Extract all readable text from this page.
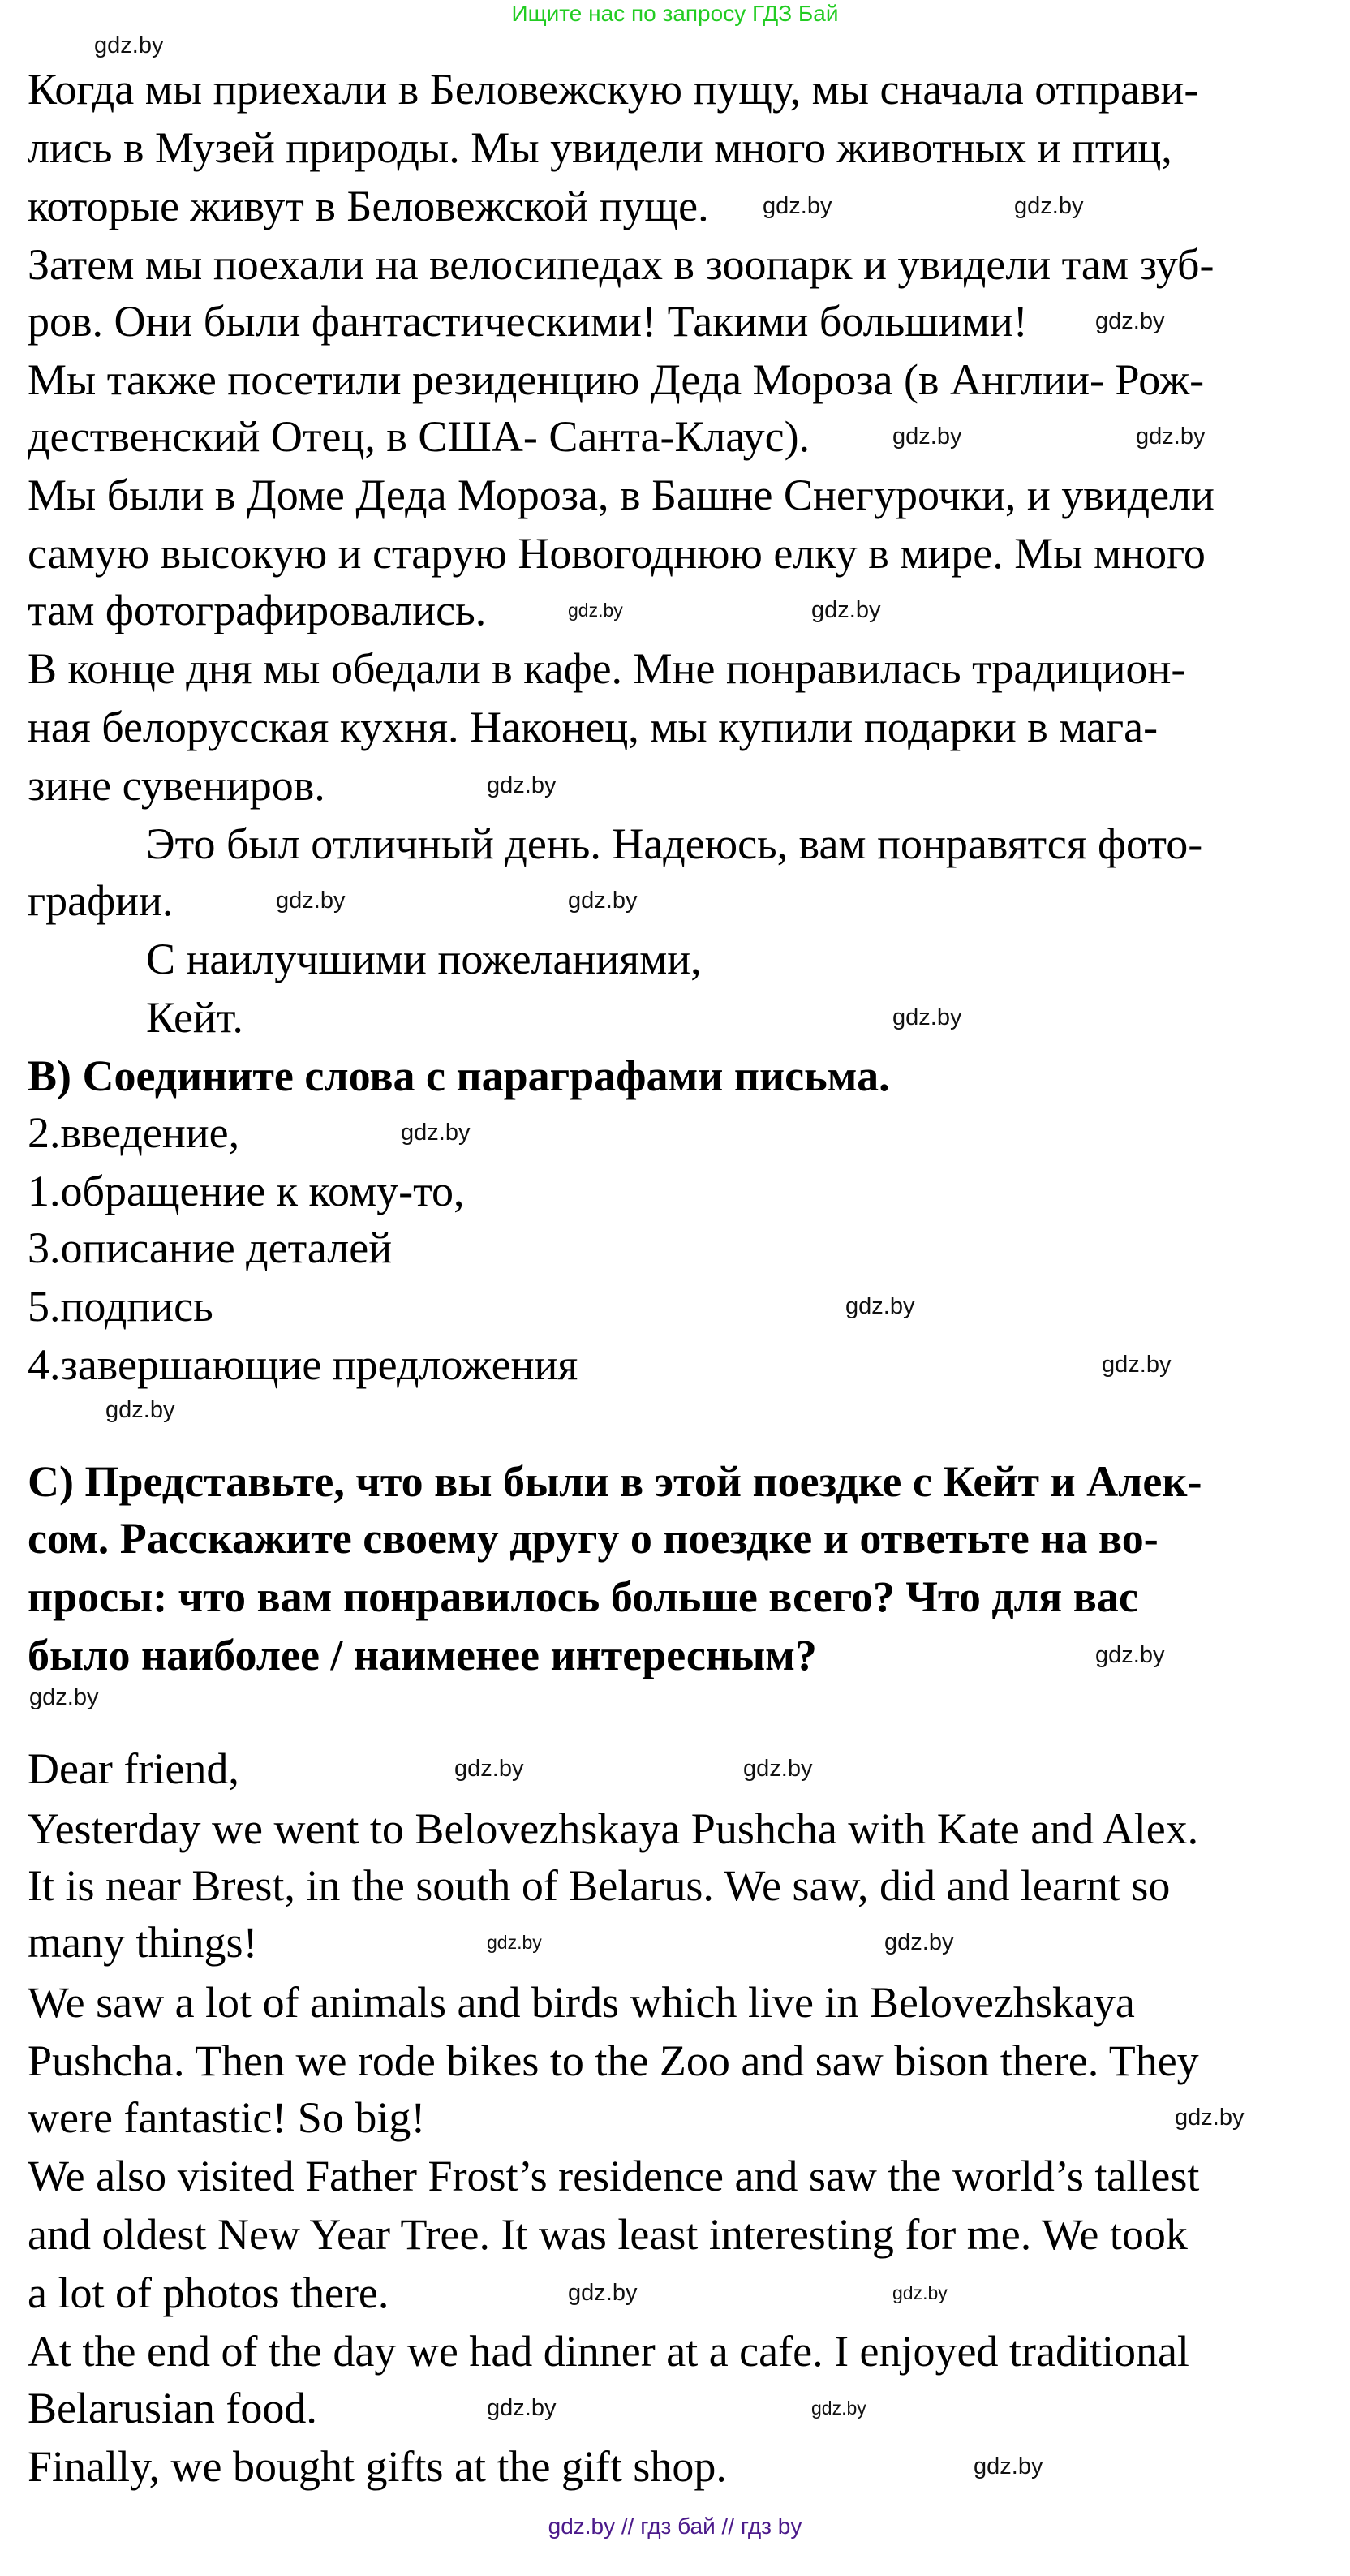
Ищите нас по запросу ГДЗ Бай
Когда мы приехали в Беловежскую пущу, мы сначала отправи-
лись в Музей природы. Мы увидели много животных и птиц,
которые живут в Беловежской пуще.
Затем мы поехали на велосипедах в зоопарк и увидели там зуб-
ров. Они были фантастическими! Такими большими!
Мы также посетили резиденцию Деда Мороза (в Англии- Рож-
дественский Отец, в США- Санта-Клаус).
Мы были в Доме Деда Мороза, в Башне Снегурочки, и увидели
самую высокую и старую Новогоднюю елку в мире. Мы много
там фотографировались.
В конце дня мы обедали в кафе. Мне понравилась традицион-
ная белорусская кухня. Наконец, мы купили подарки в мага-
зине сувениров.
Это был отличный день. Надеюсь, вам понравятся фото-
графии.
С наилучшими пожеланиями,
Кейт.
B) Соедините слова с параграфами письма.
2.введение,
1.обращение к кому-то,
3.описание деталей
5.подпись
4.завершающие предложения
С) Представьте, что вы были в этой поездке с Кейт и Алек-
сом. Расскажите своему другу о поездке и ответьте на во-
просы: что вам понравилось больше всего? Что для вас
было наиболее / наименее интересным?
Dear friend,
Yesterday we went to Belovezhskaya Pushcha with Kate and Alex.
It is near Brest, in the south of Belarus. We saw, did and learnt so
many things!
We saw a lot of animals and birds which live in Belovezhskaya
Pushcha. Then we rode bikes to the Zoo and saw bison there. They
were fantastic! So big!
We also visited Father Frost’s residence and saw the world’s tallest
and oldest New Year Tree. It was least interesting for me. We took
a lot of photos there.
At the end of the day we had dinner at a cafe. I enjoyed traditional
Belarusian food.
Finally, we bought gifts at the gift shop.
gdz.by
gdz.by	gdz.by
gdz.by
gdz.by	gdz.by
gdz.by	gdz.by
gdz.by
gdz.by	gdz.by
gdz.by
gdz.by
gdz.by
gdz.by
gdz.by
gdz.by
gdz.by
gdz.by
gdz.by
gdz.by
gdz.by
gdz.by
gdz.by	gdz.by
gdz.by
gdz.by
gdz.by
gdz.by // гдз бай // гдз by
